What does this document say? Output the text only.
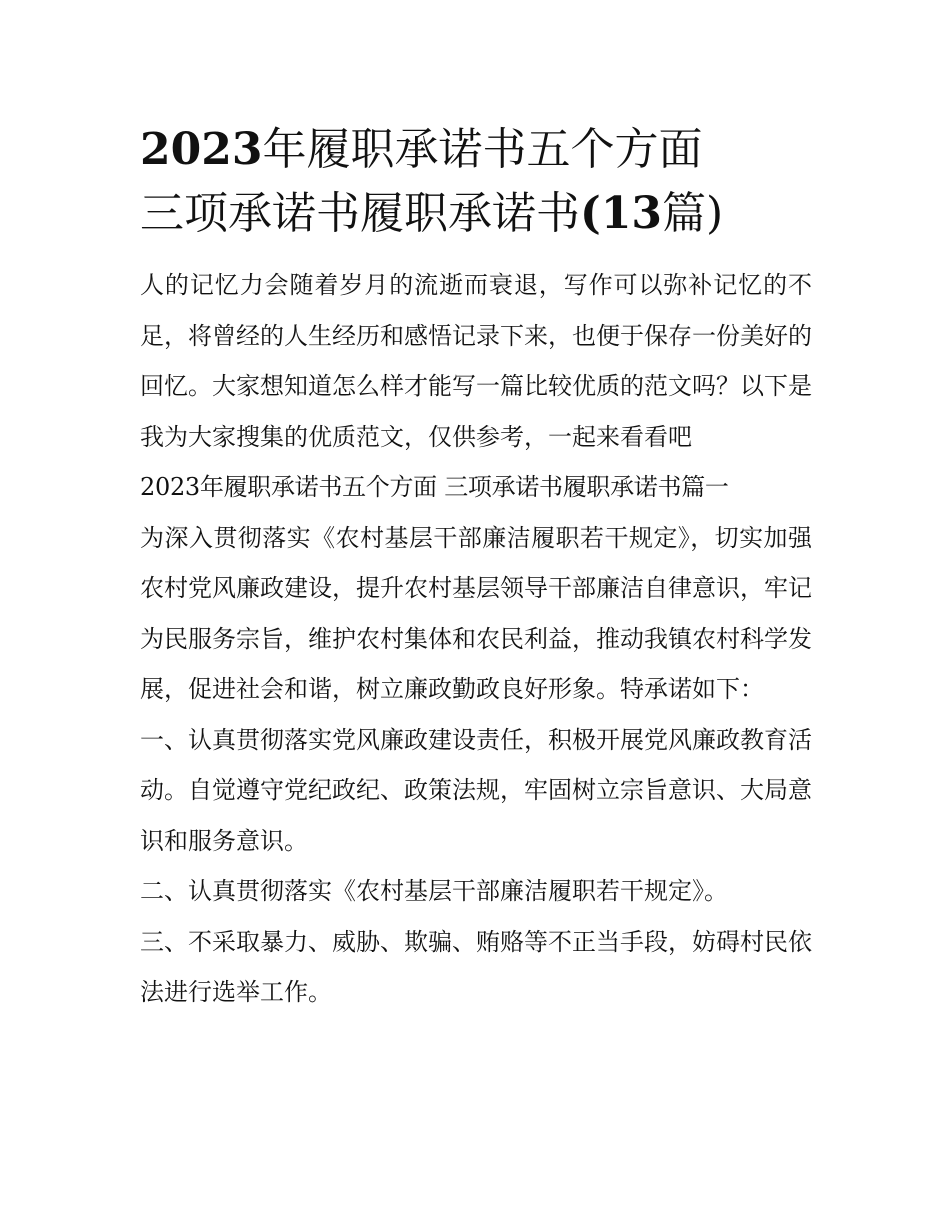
2023年履职承诺书五个方面
三项承诺书履职承诺书(13篇)

人的记忆力会随着岁月的流逝而衰退，写作可以弥补记忆的不足，将曾经的人生经历和感悟记录下来，也便于保存一份美好的回忆。大家想知道怎么样才能写一篇比较优质的范文吗？以下是我为大家搜集的优质范文，仅供参考，一起来看看吧

2023年履职承诺书五个方面 三项承诺书履职承诺书篇一

为深入贯彻落实《农村基层干部廉洁履职若干规定》，切实加强农村党风廉政建设，提升农村基层领导干部廉洁自律意识，牢记为民服务宗旨，维护农村集体和农民利益，推动我镇农村科学发展，促进社会和谐，树立廉政勤政良好形象。特承诺如下：

一、认真贯彻落实党风廉政建设责任，积极开展党风廉政教育活动。自觉遵守党纪政纪、政策法规，牢固树立宗旨意识、大局意识和服务意识。

二、认真贯彻落实《农村基层干部廉洁履职若干规定》。

三、不采取暴力、威胁、欺骗、贿赂等不正当手段，妨碍村民依法进行选举工作。
